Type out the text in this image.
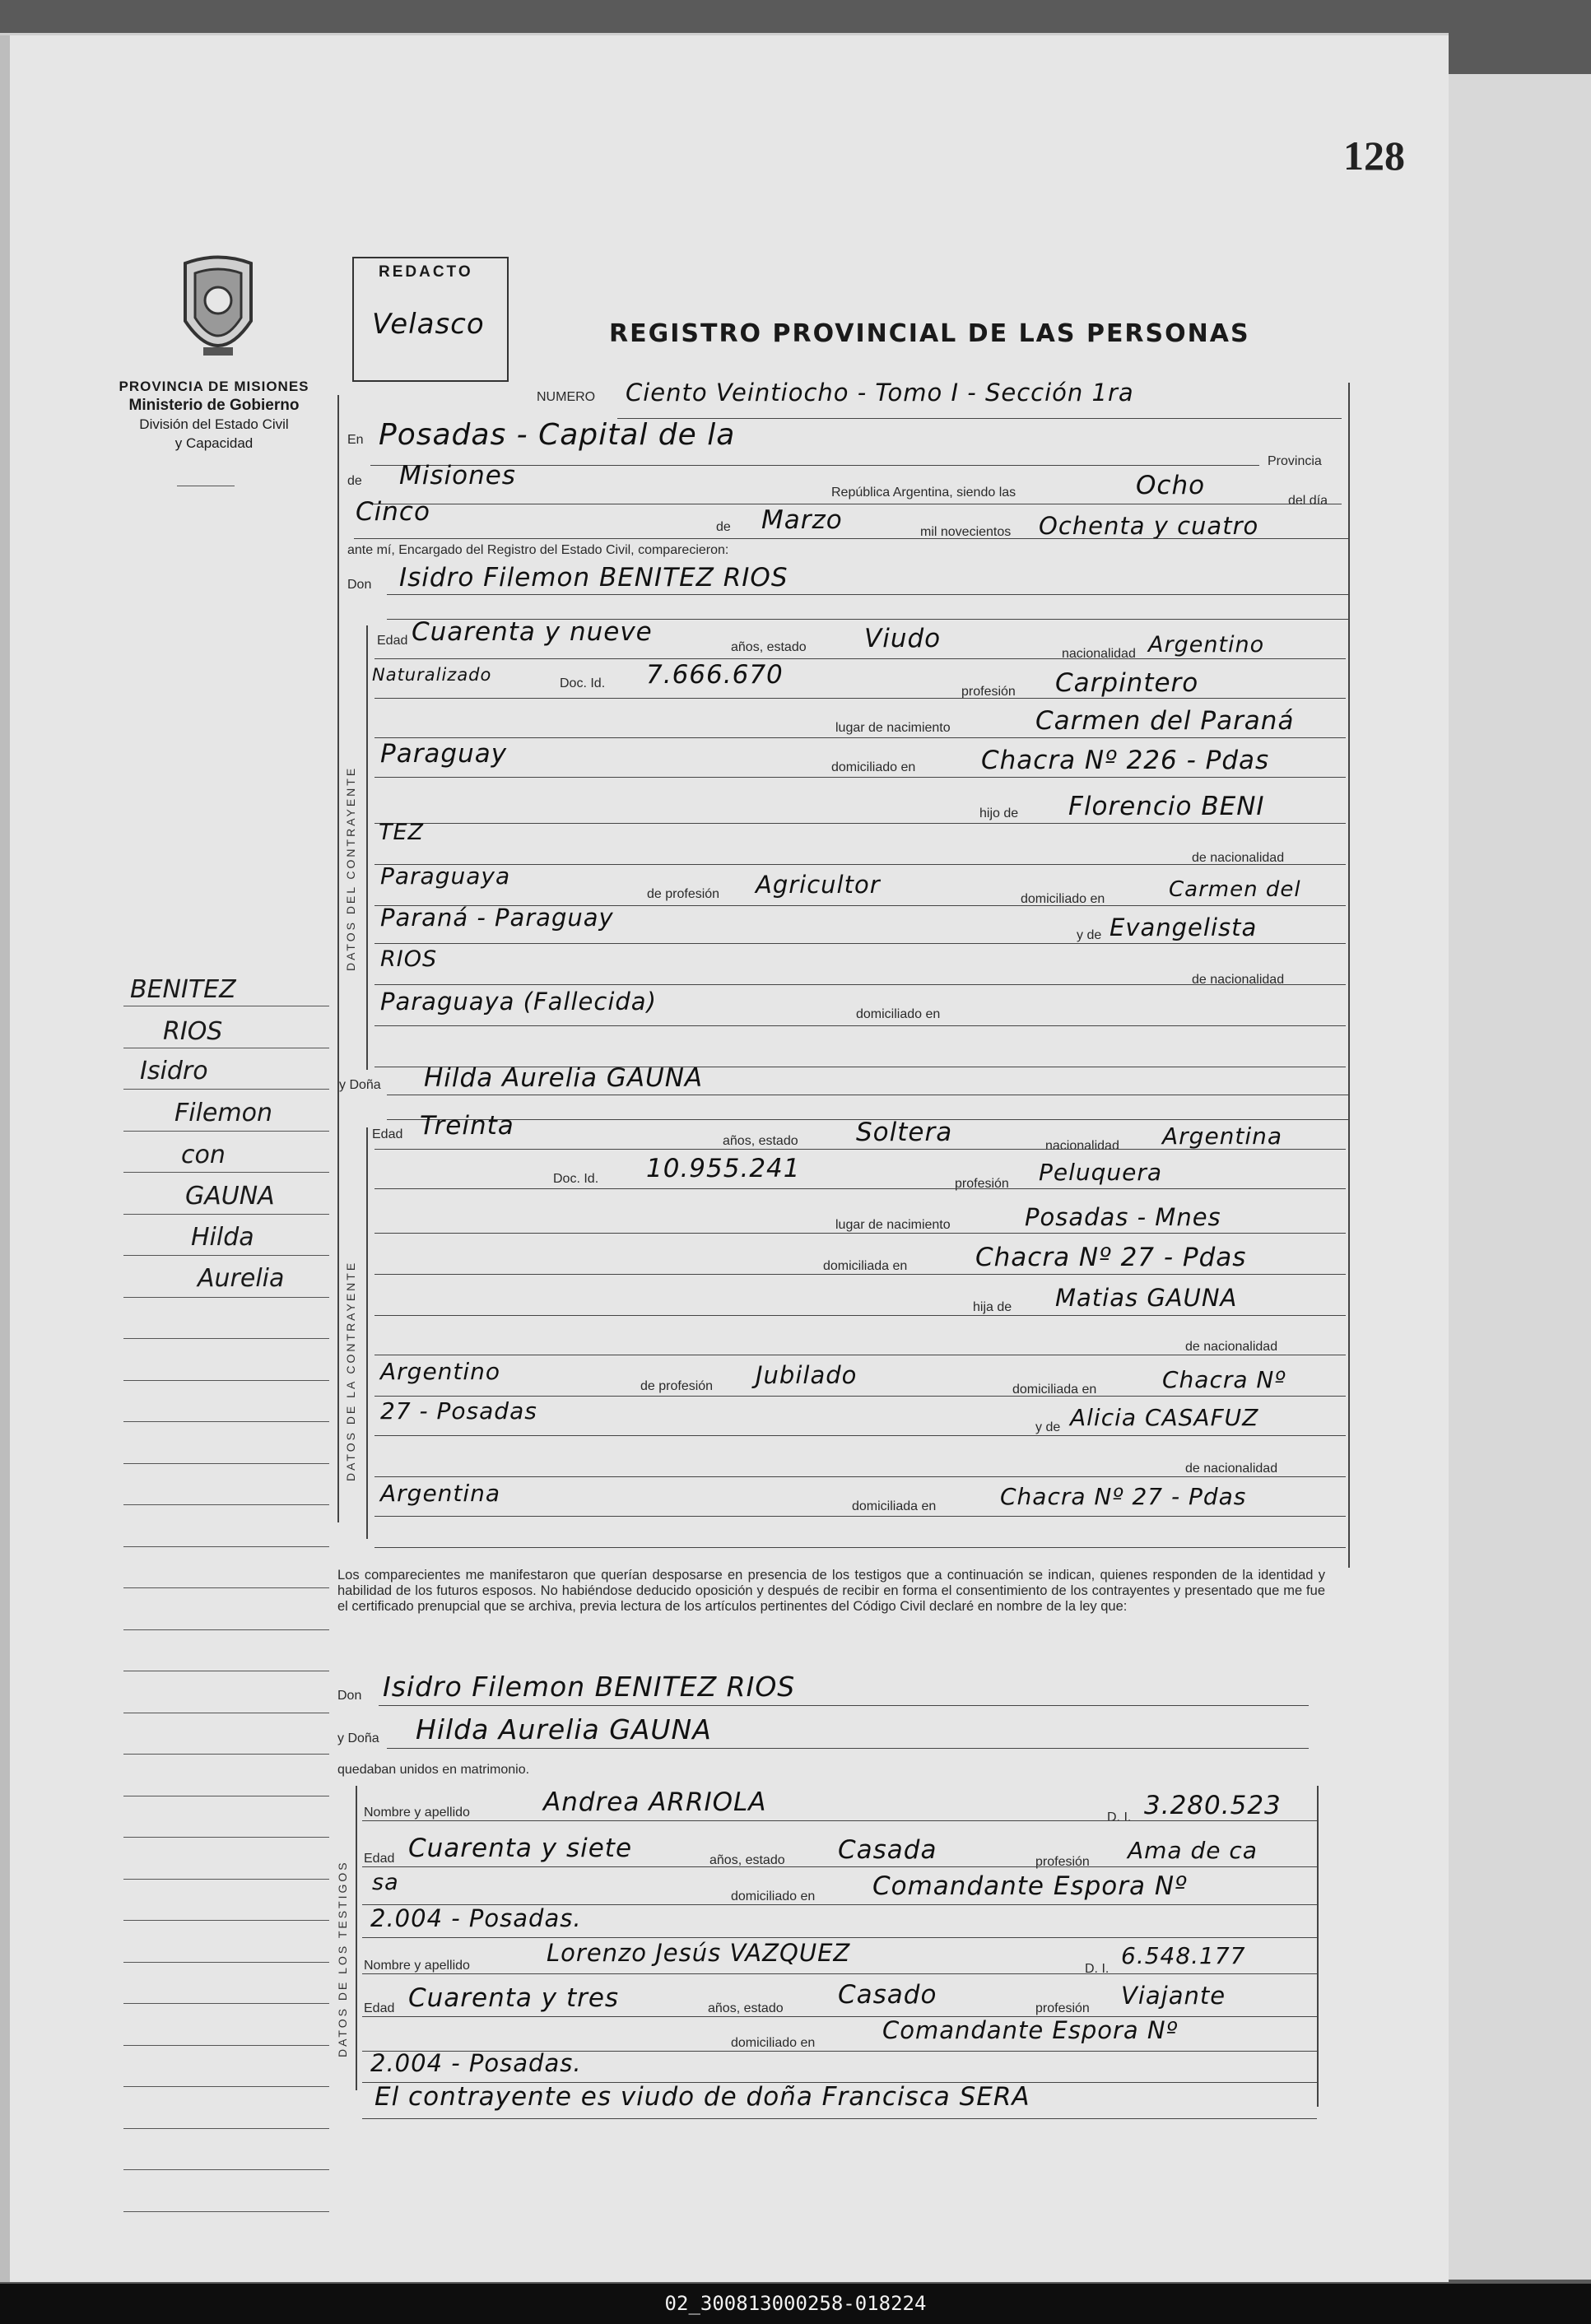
128
PROVINCIA DE MISIONES
Ministerio de Gobierno
División del Estado Civil
y Capacidad
REDACTO
Velasco	REGISTRO PROVINCIAL DE LAS PERSONAS
NUMERO Ciento Veintiocho - Tomo I - Sección 1ra
En Posadas - Capital de la
Provincia
de Misiones
República Argentina, siendo las	Ocho
del día
Cinco
de Marzo	mil novecientos Ochenta y cuatro
ante mí, Encargado del Registro del Estado Civil, comparecieron:
Don Isidro Filemon BENITEZ RIOS
DATOS DEL CONTRAYENTE
Edad Cuarenta y nueve
años, estado Viudo
nacionalidad Argentino
Naturalizado	Doc. Id. 7.666.670
profesión Carpintero
lugar de nacimiento	Carmen del Paraná
Paraguay	domiciliado en	Chacra Nº 226 - Pdas
hijo de Florencio BENI
TEZ
de nacionalidad
Paraguaya
de profesión Agricultor
domiciliado en	Carmen del
Paraná - Paraguay
y de Evangelista
RIOS
de nacionalidad
Paraguaya (Fallecida)	domiciliado en
y Doña Hilda Aurelia GAUNA
DATOS DE LA CONTRAYENTE
Edad Treinta
años, estado Soltera	nacionalidad Argentina
Doc. Id. 10.955.241
profesión Peluquera
lugar de nacimiento	Posadas - Mnes
domiciliada en	Chacra Nº 27 - Pdas
hija de Matias GAUNA
de nacionalidad
Argentino
de profesión Jubilado
domiciliada en	Chacra Nº
27 - Posadas
y de Alicia CASAFUZ
de nacionalidad
Argentina	domiciliada en	Chacra Nº 27 - Pdas
Los comparecientes me manifestaron que querían desposarse en presencia de los testigos que a continuación se indican, quienes responden de la identidad y habilidad de los futuros esposos. No habiéndose deducido oposición y después de recibir en forma el consentimiento de los contrayentes y presentado que me fue el certificado prenupcial que se archiva, previa lectura de los artículos pertinentes del Código Civil declaré en nombre de la ley que:
Don Isidro Filemon BENITEZ RIOS
y Doña Hilda Aurelia GAUNA
quedaban unidos en matrimonio.
DATOS DE LOS TESTIGOS
Nombre y apellido	Andrea ARRIOLA
D. I. 3.280.523
Edad Cuarenta y siete	años, estado Casada	profesión Ama de ca
sa
domiciliado en Comandante Espora Nº
2.004 - Posadas.
Nombre y apellido	Lorenzo Jesús VAZQUEZ
D. I. 6.548.177
Edad Cuarenta y tres	años, estado Casado	profesión Viajante
domiciliado en	Comandante Espora Nº
2.004 - Posadas.
El contrayente es viudo de doña Francisca SERA
BENITEZ
RIOS
Isidro
Filemon
con
GAUNA
Hilda
Aurelia
02_300813000258-018224
